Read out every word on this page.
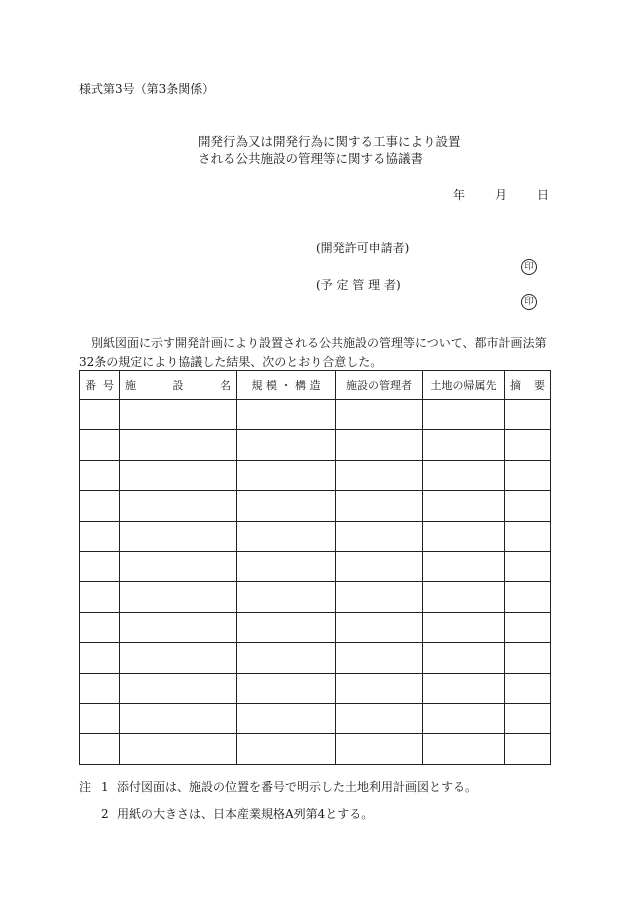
様式第3号（第3条関係）
開発行為又は開発行為に関する工事により設置
される公共施設の管理等に関する協議書
年	月	日
(開発許可申請者)
印
(予 定 管 理 者)
印
別紙図面に示す開発計画により設置される公共施設の管理等について、都市計画法第32条の規定により協議した結果、次のとおり合意した。
番 号	施 設 名	規 模 ・ 構 造	施設の管理者	土地の帰属先	摘 要

注 1 添付図面は、施設の位置を番号で明示した土地利用計画図とする。
2 用紙の大きさは、日本産業規格A列第4とする。
